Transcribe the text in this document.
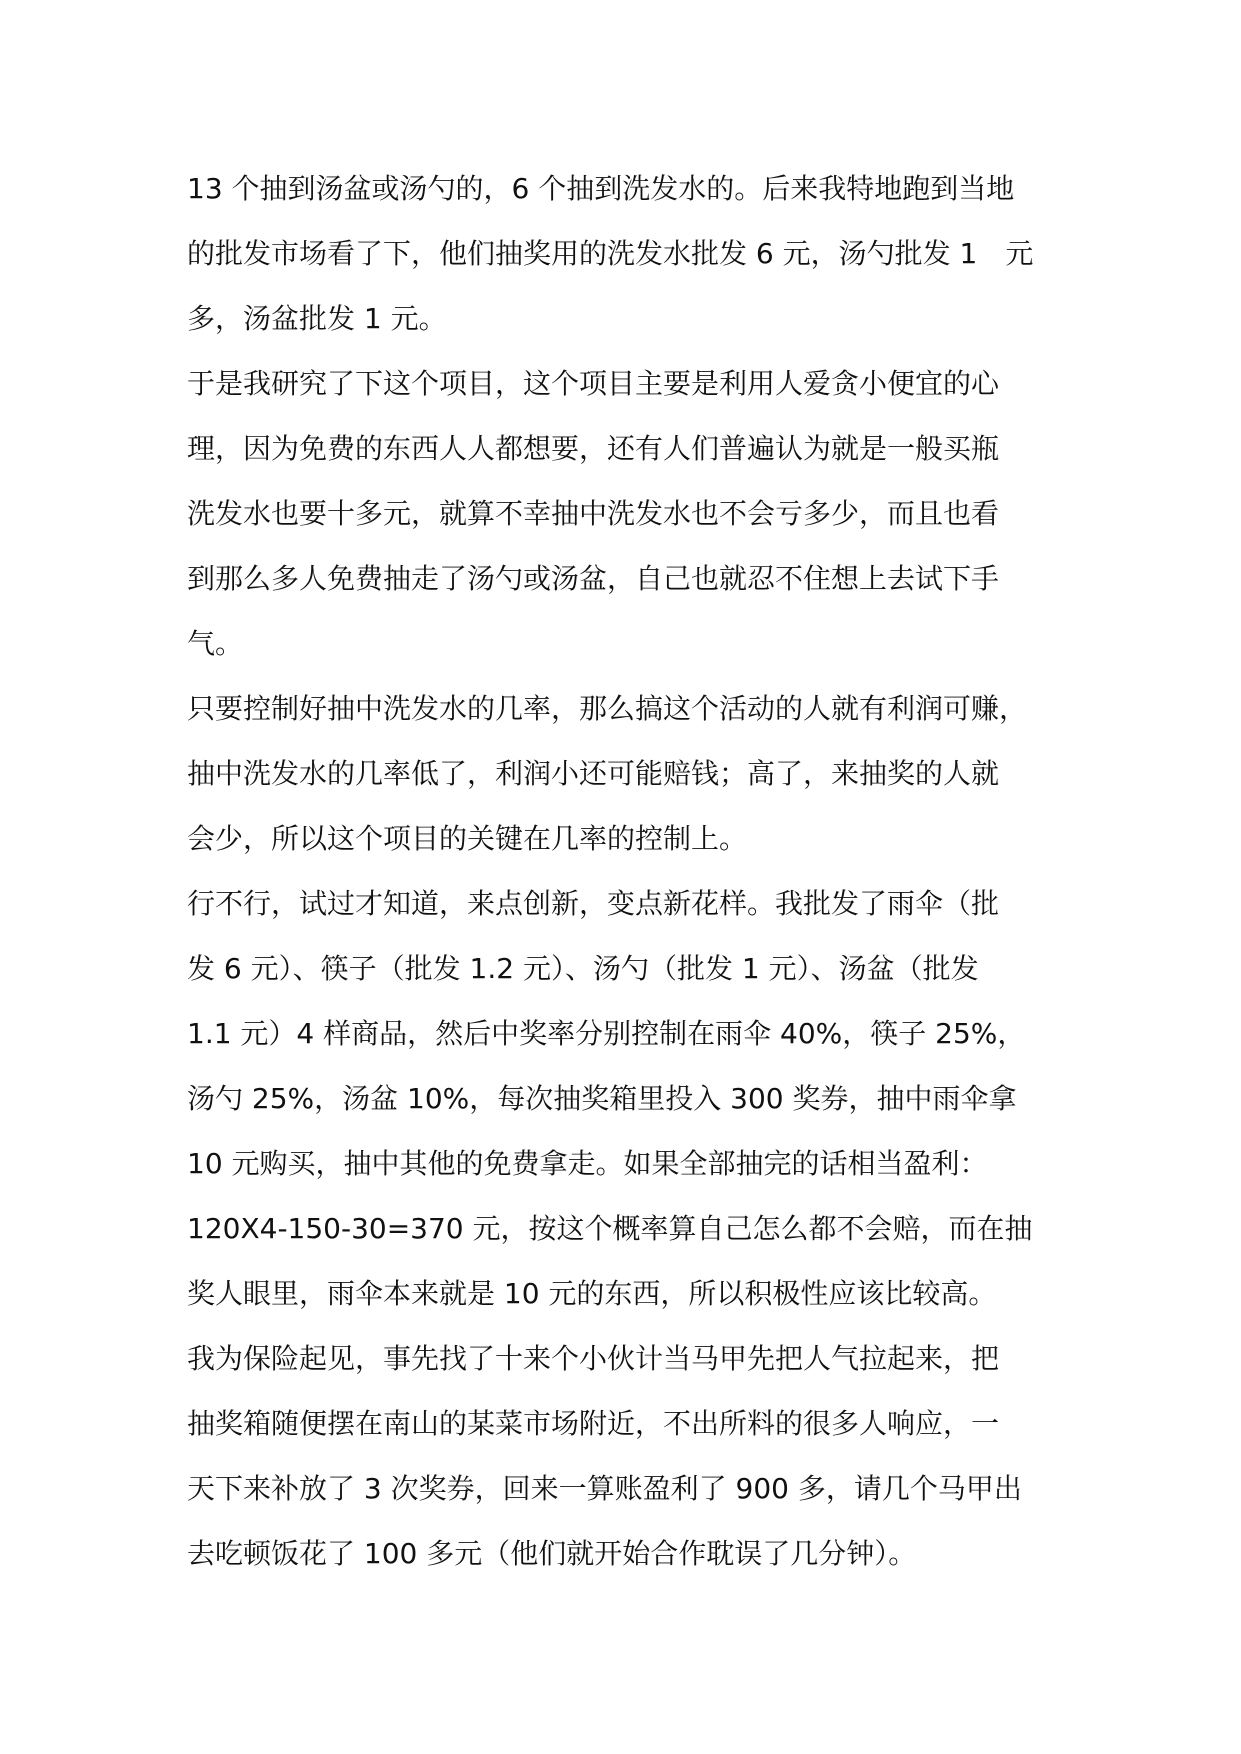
13 个抽到汤盆或汤勺的，6 个抽到洗发水的。后来我特地跑到当地

的批发市场看了下，他们抽奖用的洗发水批发 6 元，汤勺批发 1　元

多，汤盆批发 1 元。

于是我研究了下这个项目，这个项目主要是利用人爱贪小便宜的心

理，因为免费的东西人人都想要，还有人们普遍认为就是一般买瓶

洗发水也要十多元，就算不幸抽中洗发水也不会亏多少，而且也看

到那么多人免费抽走了汤勺或汤盆，自己也就忍不住想上去试下手

气。

只要控制好抽中洗发水的几率，那么搞这个活动的人就有利润可赚，

抽中洗发水的几率低了，利润小还可能赔钱；高了，来抽奖的人就

会少，所以这个项目的关键在几率的控制上。

行不行，试过才知道，来点创新，变点新花样。我批发了雨伞（批

发 6 元）、筷子（批发 1.2 元）、汤勺（批发 1 元）、汤盆（批发

1.1 元）4 样商品，然后中奖率分别控制在雨伞 40%，筷子 25%，

汤勺 25%，汤盆 10%，每次抽奖箱里投入 300 奖券，抽中雨伞拿

10 元购买，抽中其他的免费拿走。如果全部抽完的话相当盈利：

120X4-150-30=370 元，按这个概率算自己怎么都不会赔，而在抽

奖人眼里，雨伞本来就是 10 元的东西，所以积极性应该比较高。

我为保险起见，事先找了十来个小伙计当马甲先把人气拉起来，把

抽奖箱随便摆在南山的某菜市场附近，不出所料的很多人响应，一

天下来补放了 3 次奖券，回来一算账盈利了 900 多，请几个马甲出

去吃顿饭花了 100 多元（他们就开始合作耽误了几分钟）。
